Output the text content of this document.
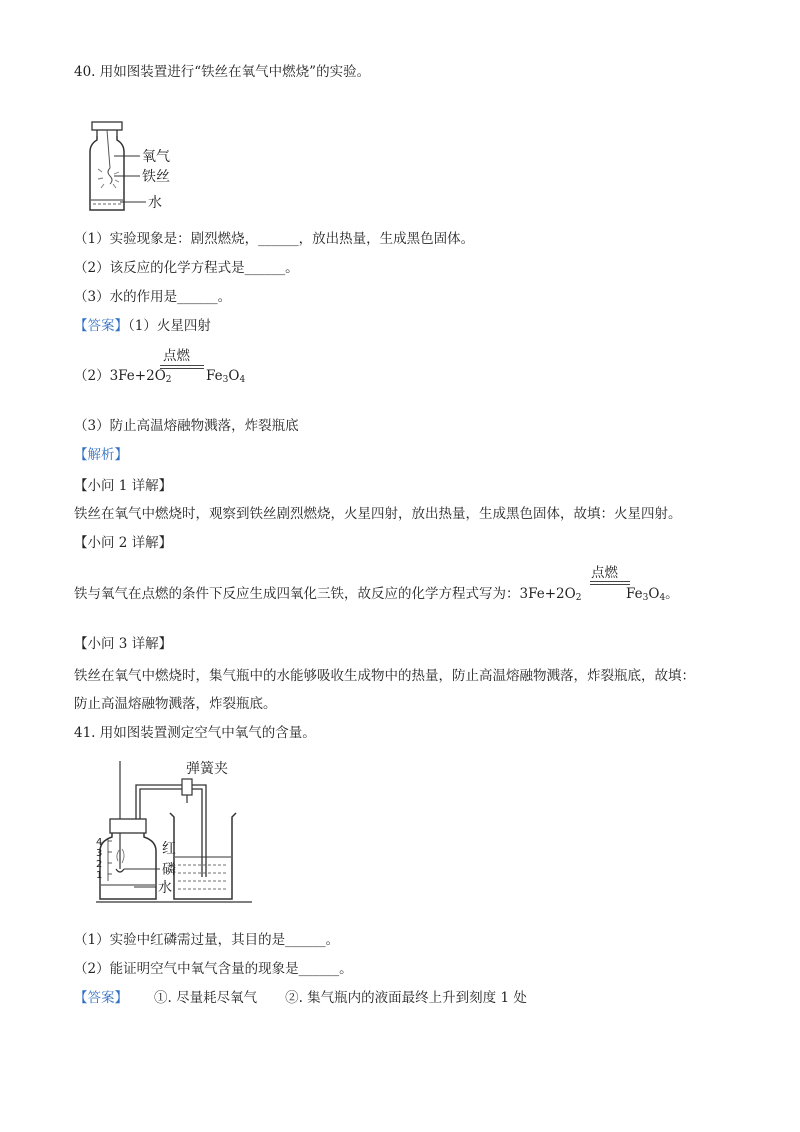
40. 用如图装置进行“铁丝在氧气中燃烧”的实验。
氧气
铁丝
水
（1）实验现象是：剧烈燃烧，______，放出热量，生成黑色固体。
（2）该反应的化学方程式是______。
（3）水的作用是______。
【答案】（1）火星四射
$(2)3Fe+2O_2$
点燃
$Fe_3O_4$
（3）防止高温熔融物溅落，炸裂瓶底
【解析】
【小问 1 详解】
铁丝在氧气中燃烧时，观察到铁丝剧烈燃烧，火星四射，放出热量，生成黑色固体，故填：火星四射。
【小问 2 详解】
铁与氧气在点燃的条件下反应生成四氧化三铁，故反应的化学方程式写为：$3Fe+2O_2$
点燃
$Fe_3O_4$。
【小问 3 详解】
铁丝在氧气中燃烧时，集气瓶中的水能够吸收生成物中的热量，防止高温熔融物溅落，炸裂瓶底，故填：
防止高温熔融物溅落，炸裂瓶底。
41. 用如图装置测定空气中氧气的含量。
弹簧夹
4
3
2
1
红
磷
水
（1）实验中红磷需过量，其目的是______。
（2）能证明空气中氧气含量的现象是______。
【答案】 ①. 尽量耗尽氧气 ②. 集气瓶内的液面最终上升到刻度 1 处
